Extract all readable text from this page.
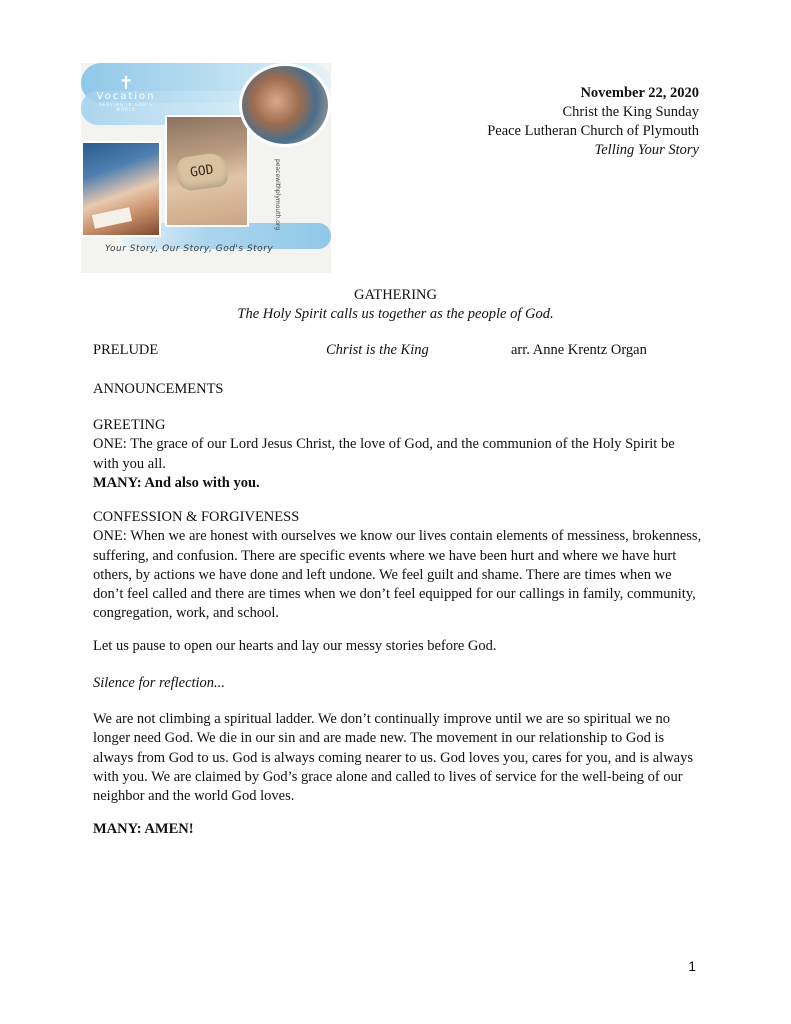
✝
Vocation
SERVING IN GOD'S WORLD
GOD	peacewithplymouth.org
Your Story, Our Story, God's Story
November 22, 2020
Christ the King Sunday
Peace Lutheran Church of Plymouth
Telling Your Story
GATHERING
The Holy Spirit calls us together as the people of God.
PRELUDE	Christ is the King	arr. Anne Krentz Organ

ANNOUNCEMENTS

GREETING

ONE: The grace of our Lord Jesus Christ, the love of God, and the communion of the Holy Spirit be with you all.

MANY: And also with you.

CONFESSION & FORGIVENESS

ONE: When we are honest with ourselves we know our lives contain elements of messiness, brokenness, suffering, and confusion. There are specific events where we have been hurt and where we have hurt others, by actions we have done and left undone. We feel guilt and shame. There are times when we don’t feel called and there are times when we don’t feel equipped for our callings in family, community, congregation, work, and school.

Let us pause to open our hearts and lay our messy stories before God.

Silence for reflection...

We are not climbing a spiritual ladder. We don’t continually improve until we are so spiritual we no longer need God. We die in our sin and are made new. The movement in our relationship to God is always from God to us. God is always coming nearer to us. God loves you, cares for you, and is always with you. We are claimed by God’s grace alone and called to lives of service for the well-being of our neighbor and the world God loves.

MANY: AMEN!

1
